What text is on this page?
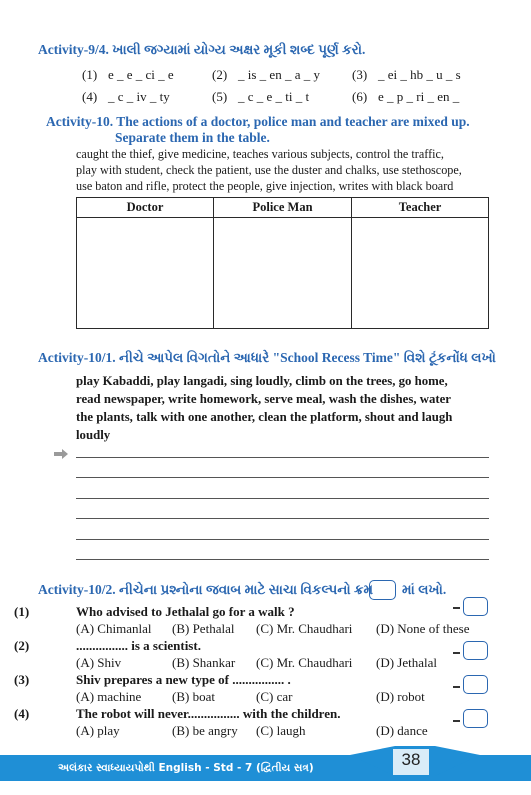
Activity-9/4. ખાલી જગ્યામાં યોગ્ય અક્ષર મૂકી શબ્દ પૂર્ણ કરો.
(1) e _ e _ ci _ e	(2) _ is _ en _ a _ y (3) _ ei _ hb _ u _ s
(4) _ c _ iv _ ty	(5) _ c _ e _ ti _ t	(6) e _ p _ ri _ en _
Activity-10. The actions of a doctor, police man and teacher are mixed up.
Separate them in the table.
caught the thief, give medicine, teaches various subjects, control the traffic,
play with student, check the patient, use the duster and chalks, use stethoscope,
use baton and rifle, protect the people, give injection, writes with black board
Doctor	Police Man	Teacher
Activity-10/1. નીચે આપેલ વિગતોને આધારે "School Recess Time" વિશે ટૂંકનોંધ લખો
play Kabaddi, play langadi, sing loudly, climb on the trees, go home,
read newspaper, write homework, serve meal, wash the dishes, water
the plants, talk with one another, clean the platform, shout and laugh
loudly
Activity-10/2. નીચેના પ્રશ્નોના જવાબ માટે સાચા વિકલ્પનો ક્રમ માં લખો.
(1)	Who advised to Jethalal go for a walk ?
(A) Chimanlal (B) Pethalal (C) Mr. Chaudhari (D) None of these
(2)	................ is a scientist.
(A) Shiv	(B) Shankar (C) Mr. Chaudhari (D) Jethalal
(3)	Shiv prepares a new type of ................ .
(A) machine (B) boat	(C) car	(D) robot
(4)	The robot will never................ with the children.
(A) play	(B) be angry (C) laugh	(D) dance
38
અલંકાર સ્વાધ્યાયપોથી English - Std - 7 (દ્વિતીય સત્ર)
